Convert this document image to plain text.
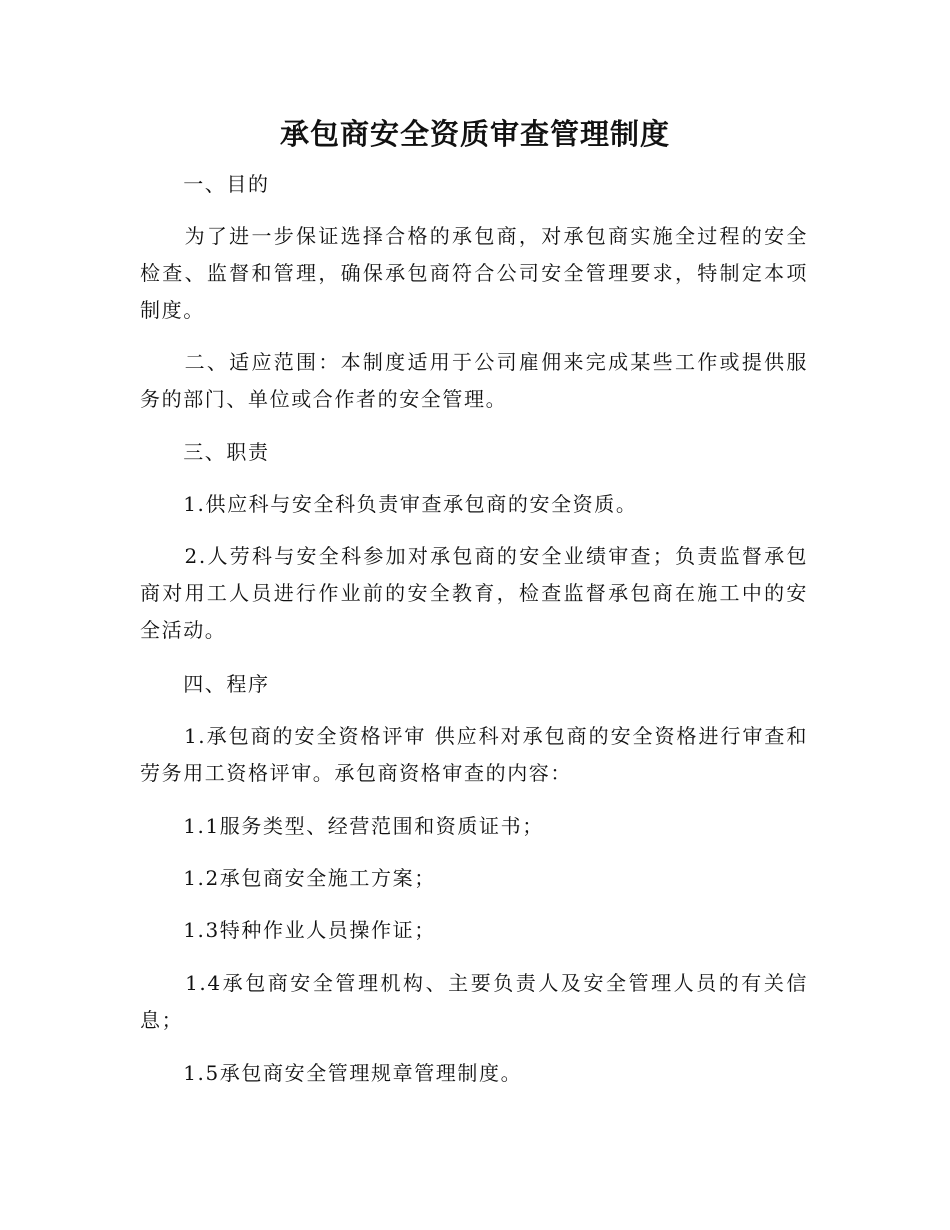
承包商安全资质审查管理制度
　　一、目的
　　为了进一步保证选择合格的承包商，对承包商实施全过程的安全检查、监督和管理，确保承包商符合公司安全管理要求，特制定本项制度。
　　二、适应范围：本制度适用于公司雇佣来完成某些工作或提供服务的部门、单位或合作者的安全管理。
　　三、职责
　　1.供应科与安全科负责审查承包商的安全资质。
　　2.人劳科与安全科参加对承包商的安全业绩审查；负责监督承包商对用工人员进行作业前的安全教育，检查监督承包商在施工中的安全活动。
　　四、程序
　　1.承包商的安全资格评审 供应科对承包商的安全资格进行审查和劳务用工资格评审。承包商资格审查的内容：
　　1.1服务类型、经营范围和资质证书；
　　1.2承包商安全施工方案；
　　1.3特种作业人员操作证；
　　1.4承包商安全管理机构、主要负责人及安全管理人员的有关信息；
　　1.5承包商安全管理规章管理制度。
